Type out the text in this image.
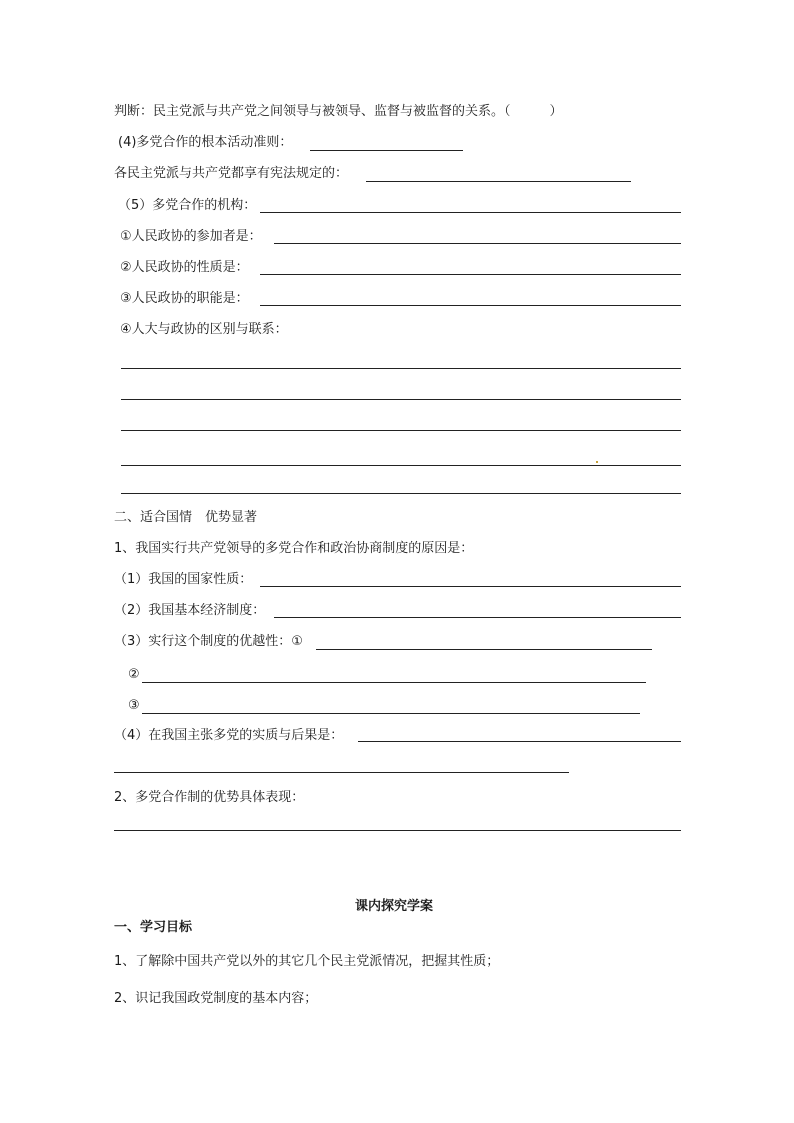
判断：民主党派与共产党之间领导与被领导、监督与被监督的关系。（　　　）
(4)多党合作的根本活动准则：
各民主党派与共产党都享有宪法规定的：
（5）多党合作的机构：
①人民政协的参加者是：
②人民政协的性质是：
③人民政协的职能是：
④人大与政协的区别与联系：
二、适合国情　优势显著
1、我国实行共产党领导的多党合作和政治协商制度的原因是：
（1）我国的国家性质：
（2）我国基本经济制度：
（3）实行这个制度的优越性：①
②
③
（4）在我国主张多党的实质与后果是：
2、多党合作制的优势具体表现：
课内探究学案
一、学习目标
1、了解除中国共产党以外的其它几个民主党派情况，把握其性质；
2、识记我国政党制度的基本内容；
